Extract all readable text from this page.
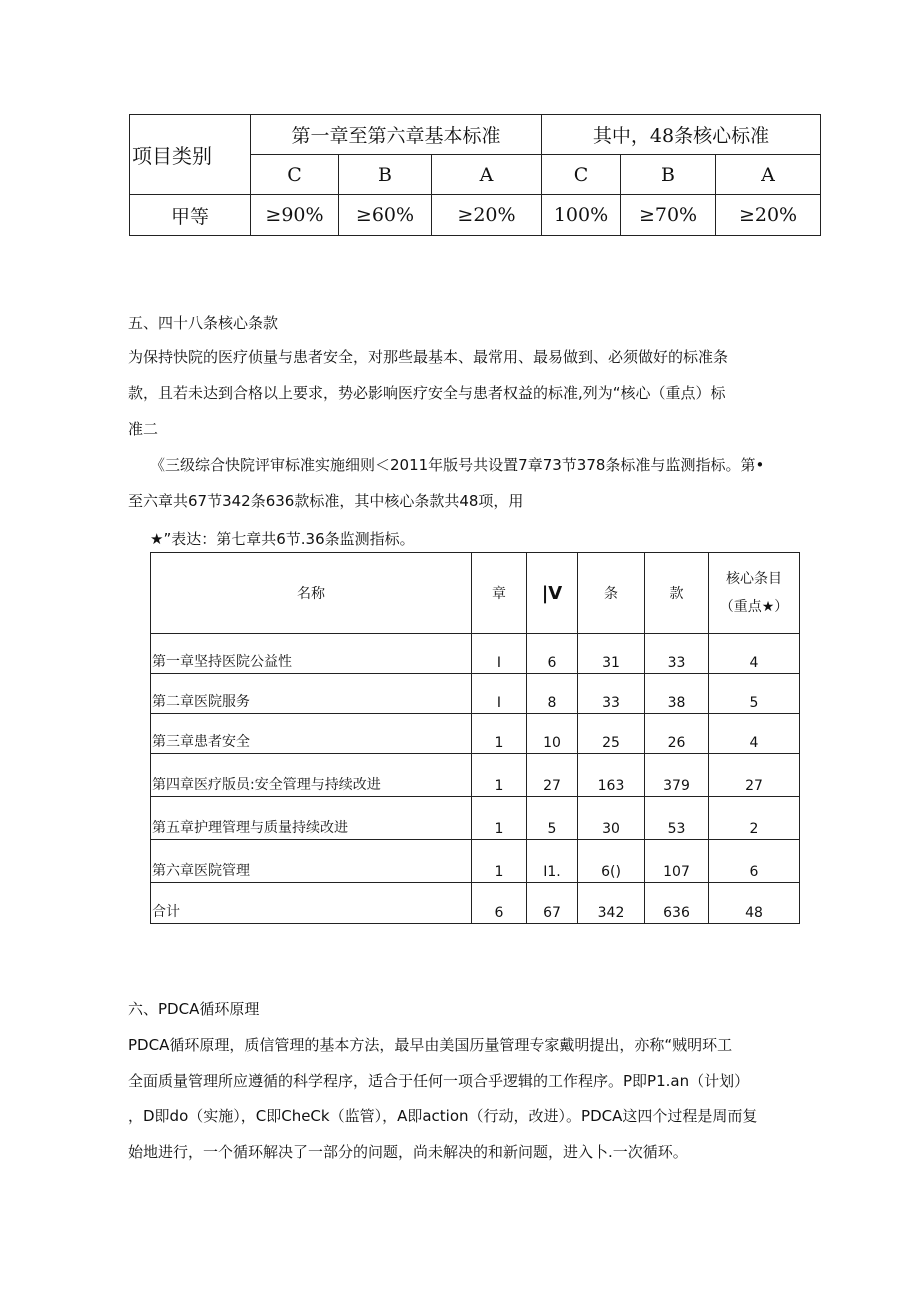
项目类别	第一章至第六章基本标准			其中，48条核心标准		
	C	B	A	C	B	A
甲等	≥90%	≥60%	≥20%	100%	≥70%	≥20%
五、四十八条核心条款
为保持快院的医疗侦量与患者安全，对那些最基本、最常用、最易做到、必须做好的标准条
款，且若未达到合格以上要求，势必影响医疗安全与患者权益的标准,列为“核心（重点）标
准二
《三级综合快院评审标准实施细则＜2011年版号共设置7章73节378条标准与监测指标。第•
至六章共67节342条636款标准，其中核心条款共48项，用
★”表达：第七章共6节.36条监测指标。
名称	章	|V	条	款	核心条目
（重点★）

第一章坚持医院公益性	I	6	31	33	4
第二章医院服务	I	8	33	38	5
第三章患者安全	1	10	25	26	4
第四章医疗版员:安全管理与持续改进	1	27	163	379	27
第五章护理管理与质量持续改进	1	5	30	53	2
第六章医院管理	1	I1.	6()	107	6
合计	6	67	342	636	48
六、PDCA循环原理
PDCA循环原理，质信管理的基本方法，最早由美国历量管理专家戴明提出，亦称“贼明环工
全面质量管理所应遵循的科学程序，适合于任何一项合乎逻辑的工作程序。P即P1.an（计划）
，D即do（实施），C即CheCk（监管），A即action（行动，改进）。PDCA这四个过程是周而复
始地进行，一个循环解决了一部分的问题，尚未解决的和新问题，进入卜.一次循环。
